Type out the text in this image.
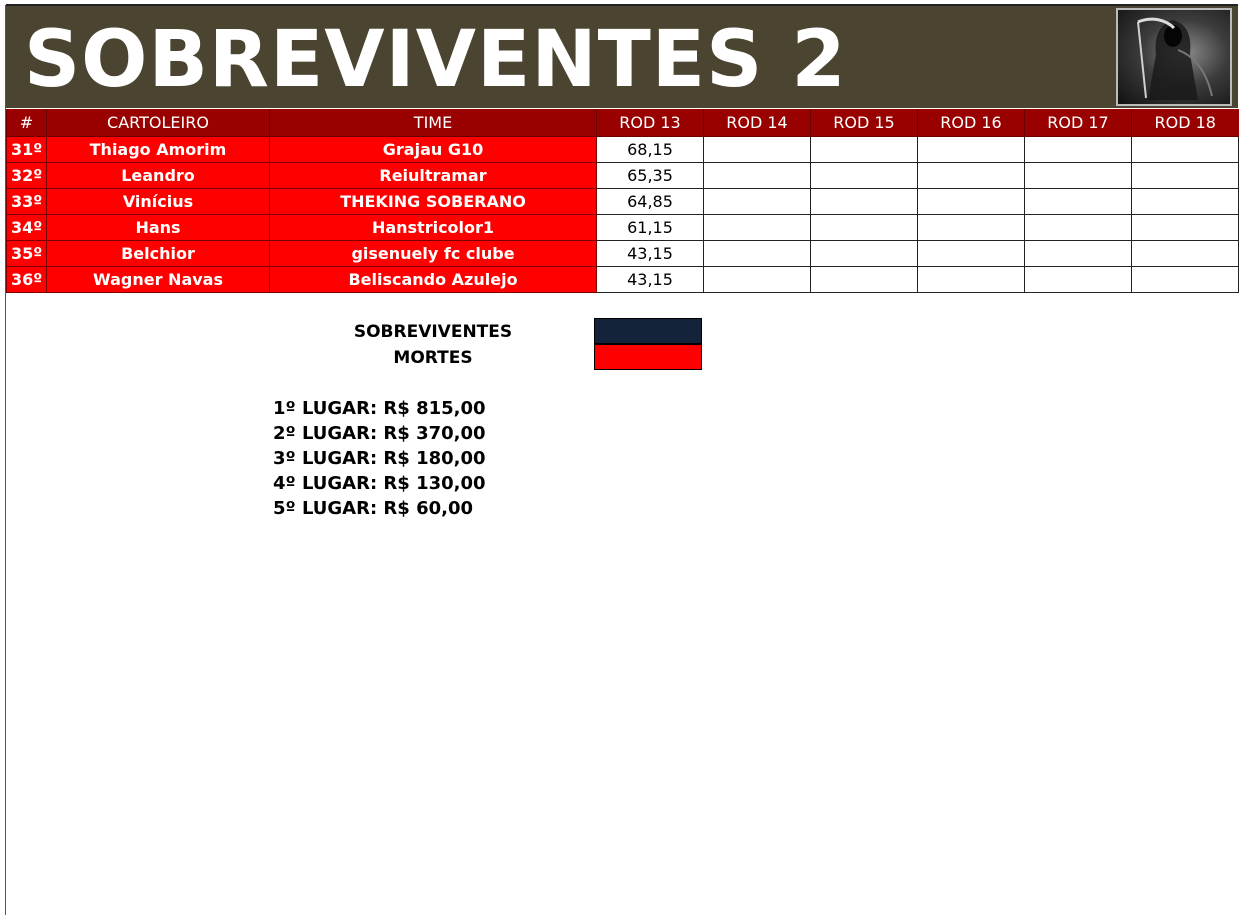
SOBREVIVENTES 2
#	CARTOLEIRO	TIME	ROD 13	ROD 14	ROD 15	ROD 16	ROD 17	ROD 18
31º	Thiago Amorim	Grajau G10	68,15					
32º	Leandro	Reiultramar	65,35					
33º	Vinícius	THEKING SOBERANO	64,85					
34º	Hans	Hanstricolor1	61,15					
35º	Belchior	gisenuely fc clube	43,15					
36º	Wagner Navas	Beliscando Azulejo	43,15					
SOBREVIVENTES
MORTES
1º LUGAR: R$ 815,00
2º LUGAR: R$ 370,00
3º LUGAR: R$ 180,00
4º LUGAR: R$ 130,00
5º LUGAR: R$ 60,00
